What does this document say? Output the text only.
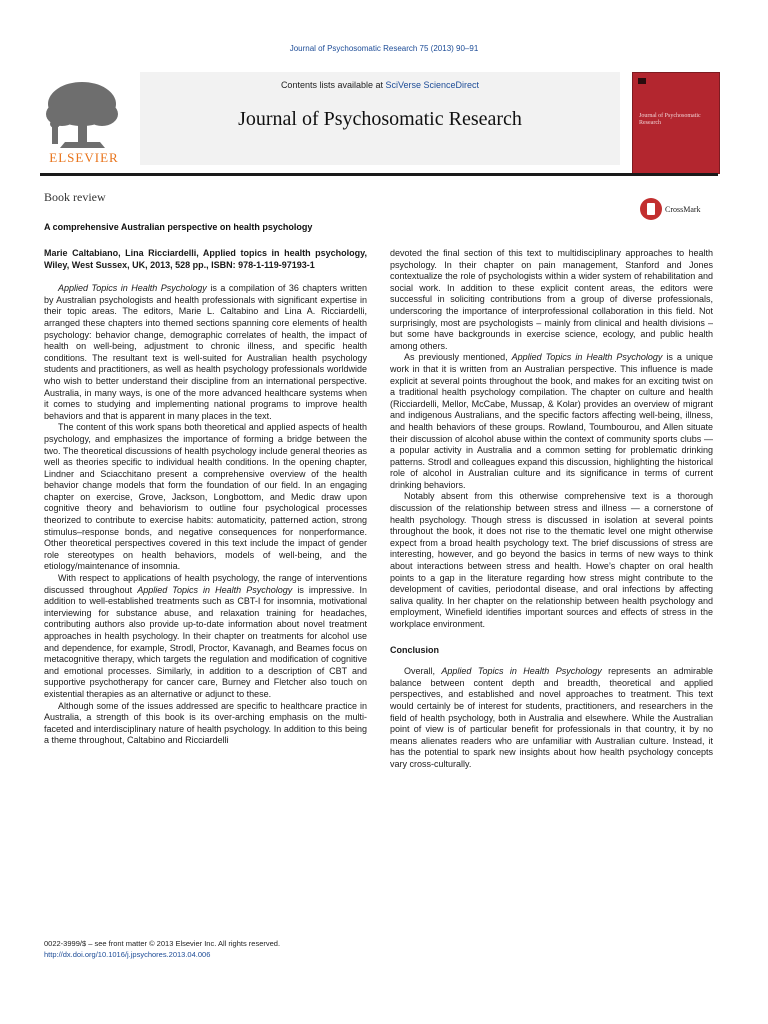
Journal of Psychosomatic Research 75 (2013) 90–91
Contents lists available at SciVerse ScienceDirect
Journal of Psychosomatic Research
ELSEVIER
Journal of Psychosomatic Research
Book review
CrossMark
A comprehensive Australian perspective on health psychology

Marie Caltabiano, Lina Ricciardelli, Applied topics in health psychology, Wiley, West Sussex, UK, 2013, 528 pp., ISBN: 978-1-119-97193-1

Applied Topics in Health Psychology is a compilation of 36 chapters written by Australian psychologists and health professionals with significant expertise in their topic areas. The editors, Marie L. Caltabino and Lina A. Ricciardelli, arranged these chapters into themed sections spanning core elements of health psychology: behavior change, demographic correlates of health, the impact of health on well-being, adjustment to chronic illness, and specific health conditions. The resultant text is well-suited for Australian health psychology students and practitioners, as well as health psychology professionals worldwide who wish to better understand their discipline from an international perspective. Australia, in many ways, is one of the more advanced healthcare systems when it comes to studying and implementing national programs to improve health behaviors and that is apparent in many places in the text.

The content of this work spans both theoretical and applied aspects of health psychology, and emphasizes the importance of forming a bridge between the two. The theoretical discussions of health psychology include general theories as well as theories specific to individual health conditions. In the opening chapter, Lindner and Sciacchitano present a comprehensive overview of the health behavior change models that form the foundation of our field. In an engaging chapter on exercise, Grove, Jackson, Longbottom, and Medic draw upon cognitive theory and behaviorism to outline four psychological processes theorized to contribute to exercise habits: automaticity, patterned action, strong stimulus–response bonds, and negative consequences for nonperformance. Other theoretical perspectives covered in this text include the impact of gender role stereotypes on health behaviors, models of well-being, and the etiology/maintenance of insomnia.

With respect to applications of health psychology, the range of interventions discussed throughout Applied Topics in Health Psychology is impressive. In addition to well-established treatments such as CBT-I for insomnia, motivational interviewing for substance abuse, and relaxation training for headaches, contributing authors also provide up-to-date information about novel treatment approaches in health psychology. In their chapter on treatments for alcohol use and dependence, for example, Strodl, Proctor, Kavanagh, and Beames focus on metacognitive therapy, which targets the regulation and modification of cognitive and emotional processes. Similarly, in addition to a description of CBT and supportive psychotherapy for cancer care, Burney and Fletcher also touch on existential therapies as an alternative or adjunct to these.

Although some of the issues addressed are specific to healthcare practice in Australia, a strength of this book is its over-arching emphasis on the multi-faceted and interdisciplinary nature of health psychology. In addition to this being a theme throughout, Caltabino and Ricciardelli

devoted the final section of this text to multidisciplinary approaches to health psychology. In their chapter on pain management, Stanford and Jones contextualize the role of psychologists within a wider system of rehabilitation and social work. In addition to these explicit content areas, the editors were successful in soliciting contributions from a group of diverse professionals, underscoring the importance of interprofessional collaboration in this field. Not surprisingly, most are psychologists – mainly from clinical and health divisions – but some have backgrounds in exercise science, ecology, and public health among others.

As previously mentioned, Applied Topics in Health Psychology is a unique work in that it is written from an Australian perspective. This influence is made explicit at several points throughout the book, and makes for an exciting twist on a traditional health psychology compilation. The chapter on culture and health (Ricciardelli, Mellor, McCabe, Mussap, & Kolar) provides an overview of migrant and indigenous Australians, and the specific factors affecting well-being, illness, and health behaviors of these groups. Rowland, Toumbourou, and Allen situate their discussion of alcohol abuse within the context of community sports clubs — a popular activity in Australia and a common setting for problematic drinking patterns. Strodl and colleagues expand this discussion, highlighting the historical role of alcohol in Australian culture and its significance in terms of current drinking behaviors.

Notably absent from this otherwise comprehensive text is a thorough discussion of the relationship between stress and illness — a cornerstone of health psychology. Though stress is discussed in isolation at several points throughout the book, it does not rise to the thematic level one might otherwise expect from a broad health psychology text. The brief discussions of stress are interesting, however, and go beyond the basics in terms of new ways to think about interactions between stress and health. Howe’s chapter on oral health points to a gap in the literature regarding how stress might contribute to the development of cavities, periodontal disease, and oral infections by affecting saliva quality. In her chapter on the relationship between health psychology and employment, Winefield identifies important sources and effects of stress in the workplace environment.

Conclusion

Overall, Applied Topics in Health Psychology represents an admirable balance between content depth and breadth, theoretical and applied perspectives, and established and novel approaches to treatment. This text would certainly be of interest for students, practitioners, and researchers in the field of health psychology, both in Australia and elsewhere. While the Australian point of view is of particular benefit for professionals in that country, it by no means alienates readers who are unfamiliar with Australian culture. Instead, it has the potential to spark new insights about how health psychology concepts vary cross-culturally.

0022-3999/$ – see front matter © 2013 Elsevier Inc. All rights reserved.
http://dx.doi.org/10.1016/j.jpsychores.2013.04.006
